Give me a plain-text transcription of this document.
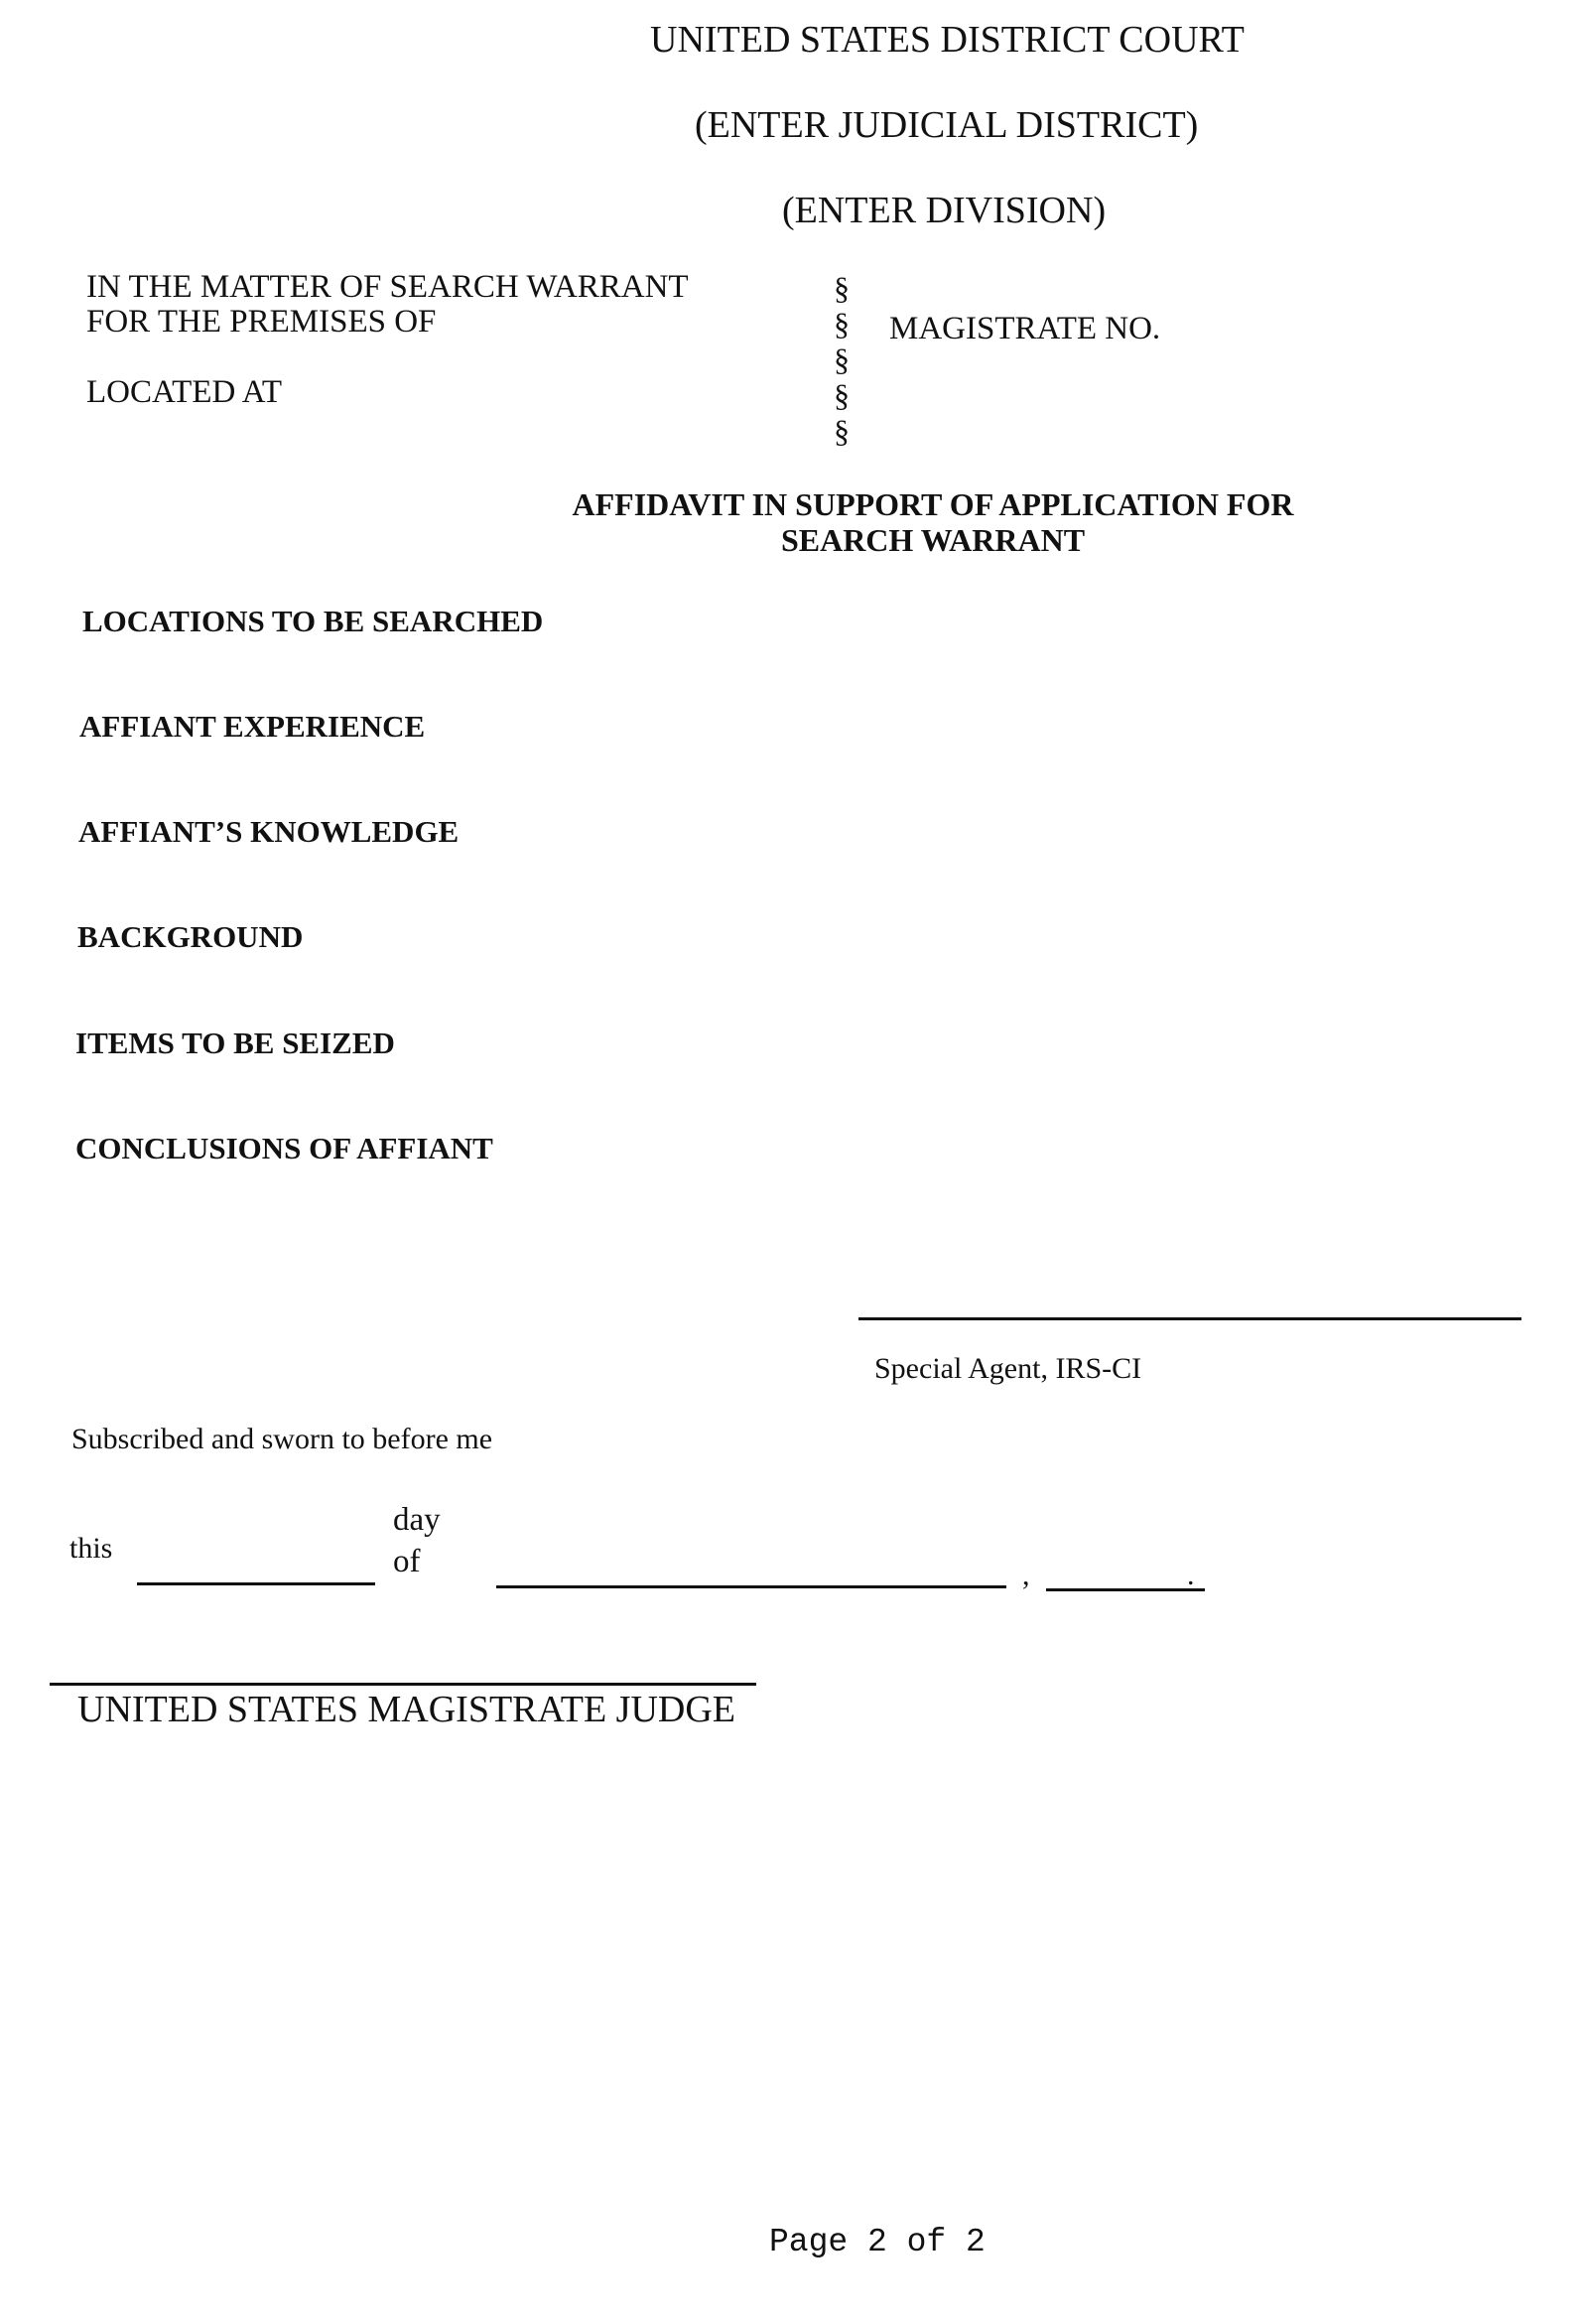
UNITED STATES DISTRICT COURT
(ENTER JUDICIAL DISTRICT)
(ENTER DIVISION)
IN THE MATTER OF SEARCH WARRANT
FOR THE PREMISES OF
LOCATED AT
§
§
§
§
§
MAGISTRATE NO.
AFFIDAVIT IN SUPPORT OF APPLICATION FOR
SEARCH WARRANT
LOCATIONS TO BE SEARCHED
AFFIANT EXPERIENCE
AFFIANT’S KNOWLEDGE
BACKGROUND
ITEMS TO BE SEIZED
CONCLUSIONS OF AFFIANT
Special Agent, IRS-CI
Subscribed and sworn to before me
this
day
of	,	.
UNITED STATES MAGISTRATE JUDGE
Page 2 of 2
